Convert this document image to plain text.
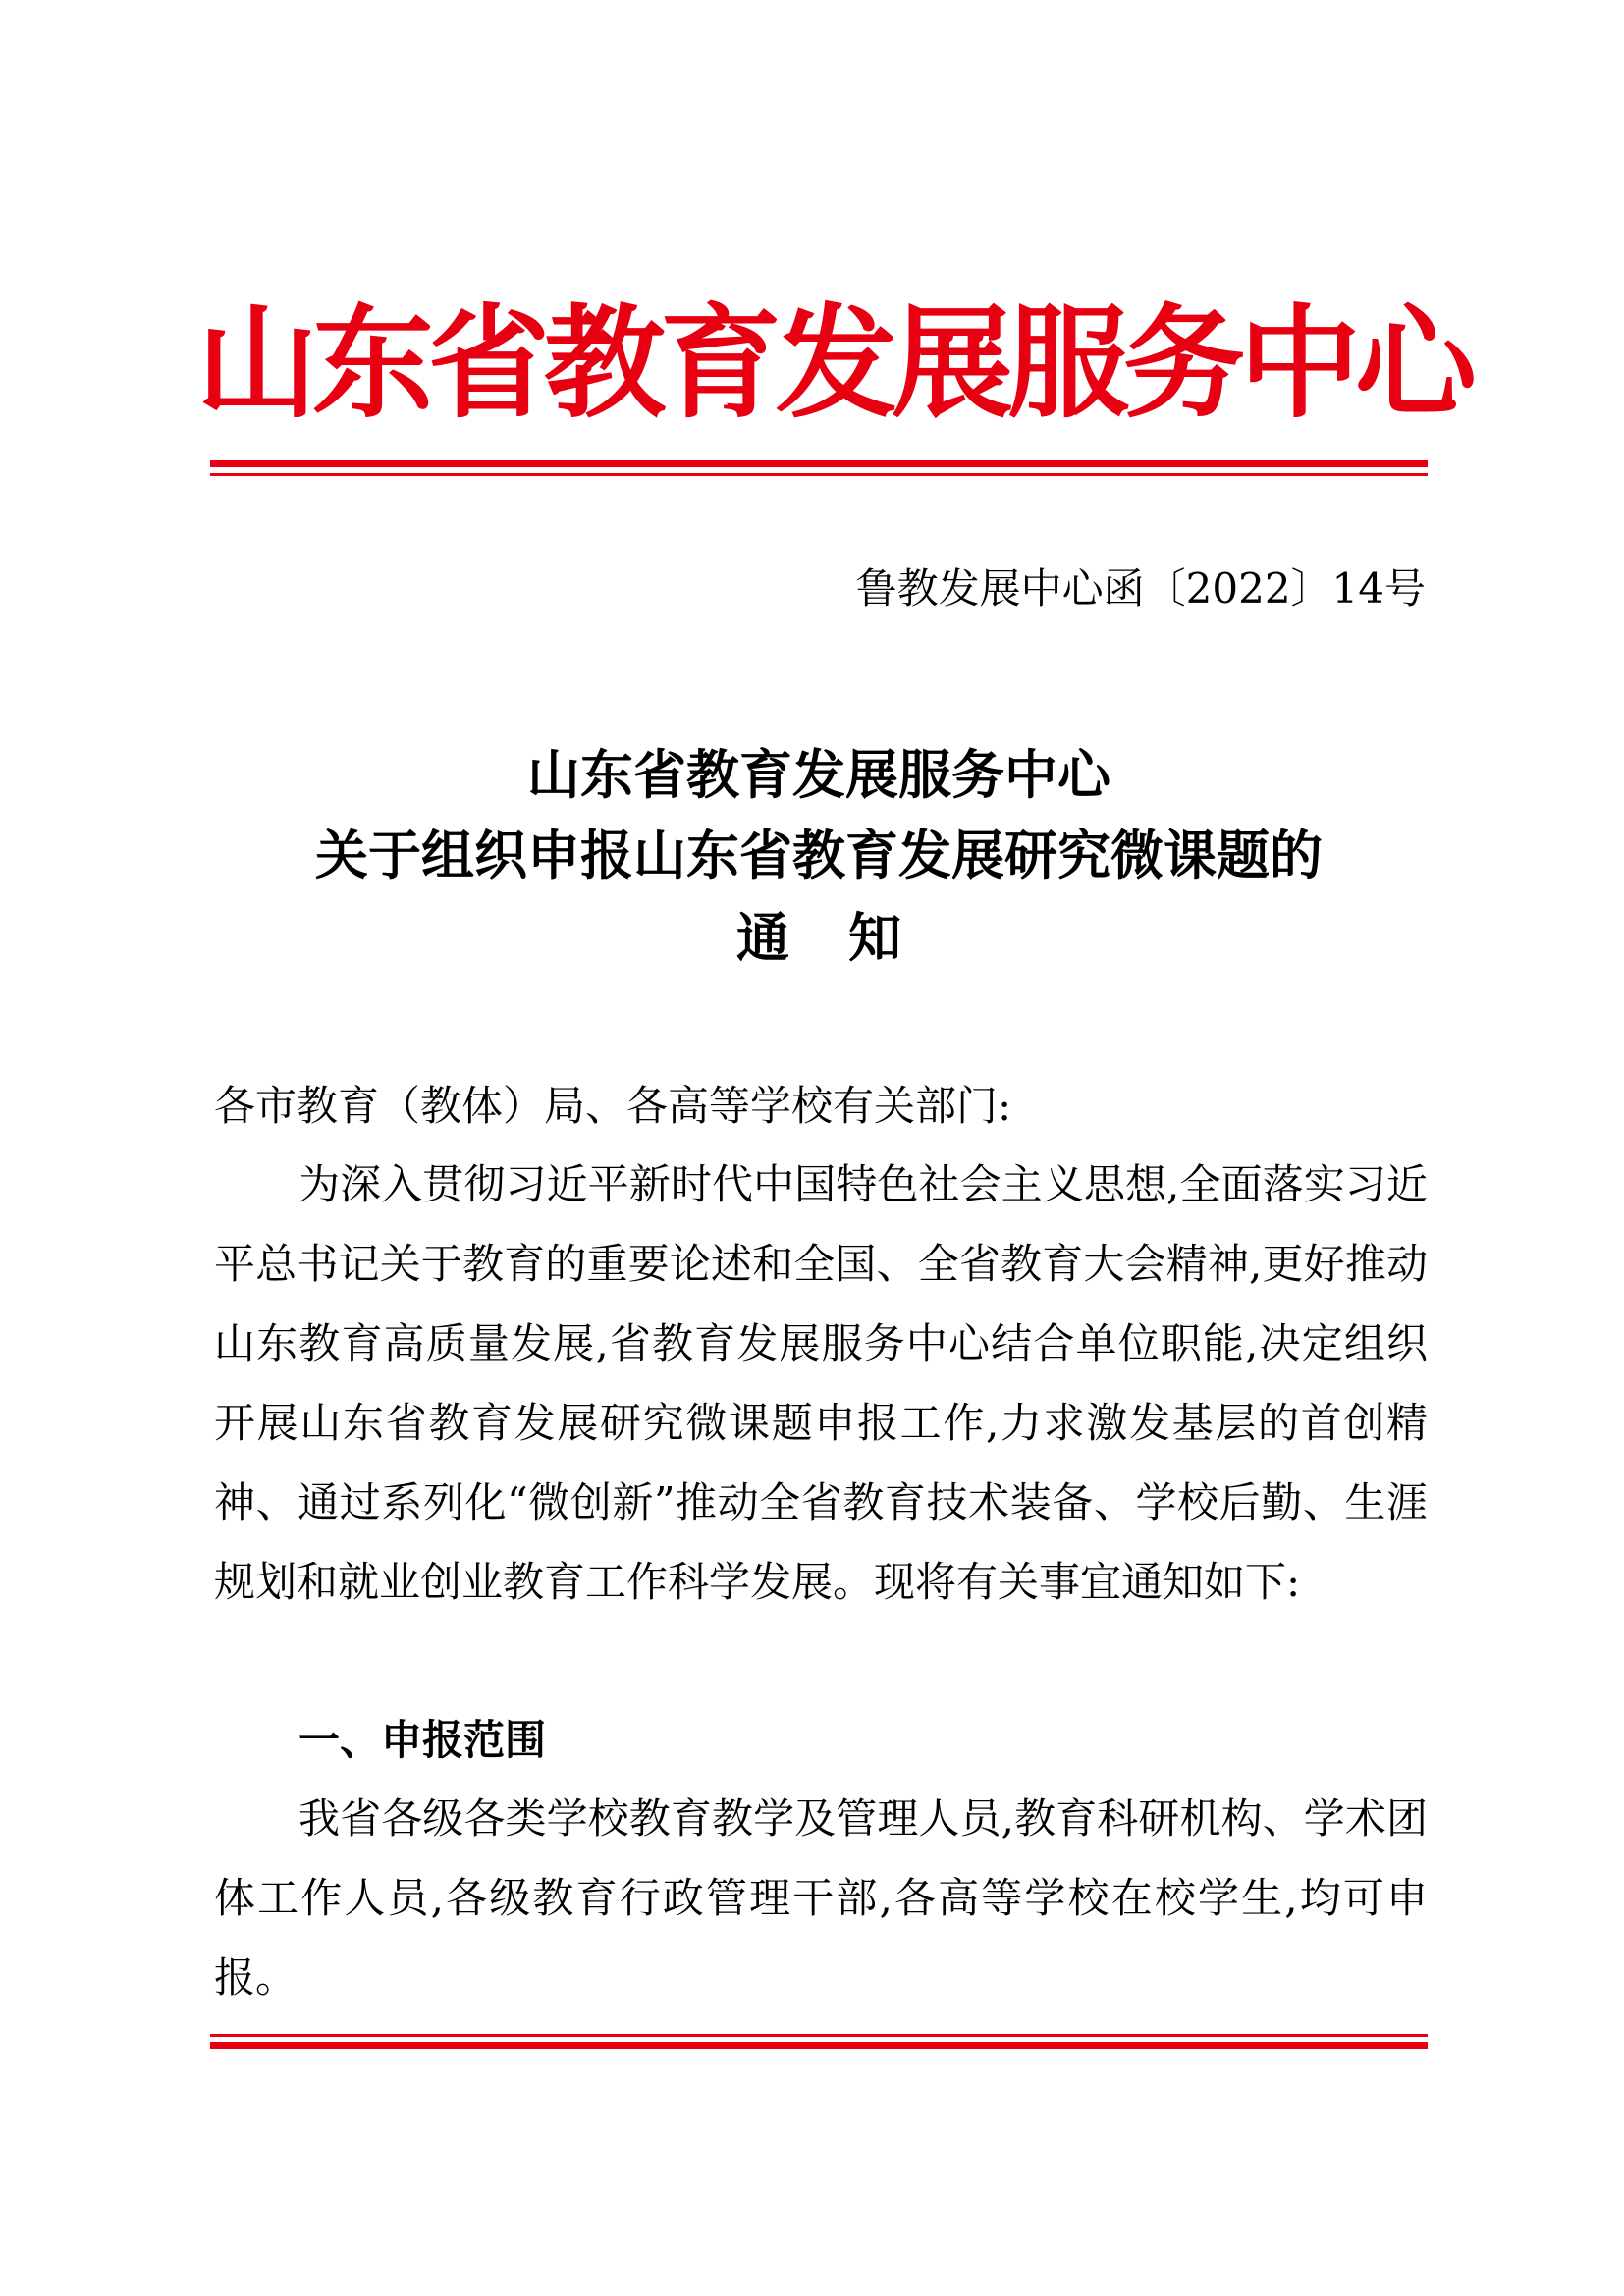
山东省教育发展服务中心
鲁教发展中心函〔2022〕14号
山东省教育发展服务中心
关于组织申报山东省教育发展研究微课题的
通知
各市教育（教体）局、各高等学校有关部门:

为深入贯彻习近平新时代中国特色社会主义思想,全面落实习近平总书记关于教育的重要论述和全国、全省教育大会精神,更好推动山东教育高质量发展,省教育发展服务中心结合单位职能,决定组织开展山东省教育发展研究微课题申报工作,力求激发基层的首创精神、通过系列化“微创新”推动全省教育技术装备、学校后勤、生涯规划和就业创业教育工作科学发展。现将有关事宜通知如下:

一、申报范围

我省各级各类学校教育教学及管理人员,教育科研机构、学术团体工作人员,各级教育行政管理干部,各高等学校在校学生,均可申报。
